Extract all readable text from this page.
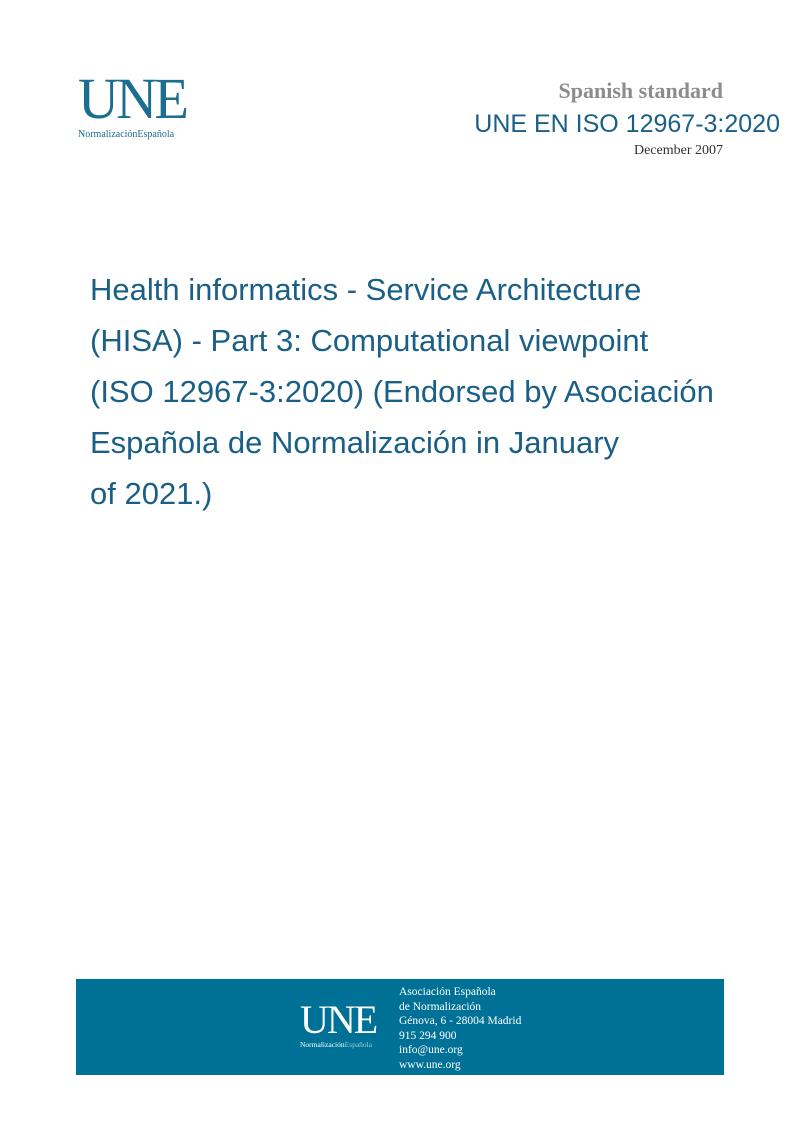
UNE
NormalizaciónEspañola
Spanish standard
UNE EN ISO 12967-3:2020
December 2007
Health informatics - Service Architecture
(HISA) - Part 3: Computational viewpoint
(ISO 12967-3:2020) (Endorsed by Asociación
Española de Normalización in January
of 2021.)
UNE
NormalizaciónEspañola
Asociación Española
de Normalización
Génova, 6 - 28004 Madrid
915 294 900
info@une.org
www.une.org
